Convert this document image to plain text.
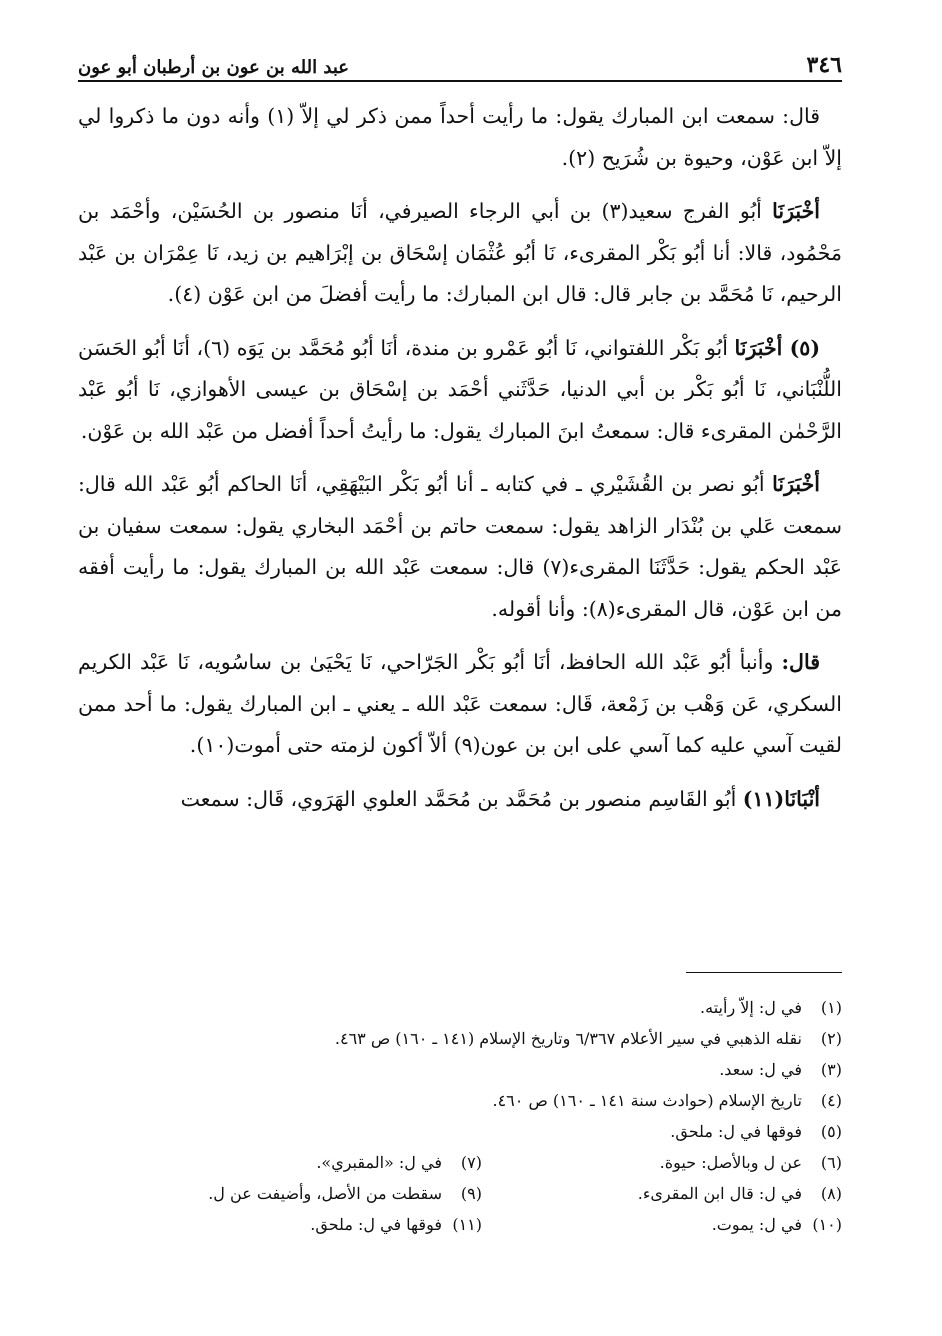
٣٤٦
عبد الله بن عون بن أرطبان أبو عون

قال: سمعت ابن المبارك يقول: ما رأيت أحداً ممن ذكر لي إلاّ (١) وأنه دون ما ذكروا لي إلاّ ابن عَوْن، وحيوة بن شُرَيح (٢).

أخْبَرَنَا أبُو الفرج سعيد(٣) بن أبي الرجاء الصيرفي، أنَا منصور بن الحُسَيْن، وأحْمَد بن مَحْمُود، قالا: أنا أبُو بَكْر المقرىء، نَا أبُو عُثْمَان إسْحَاق بن إبْرَاهيم بن زيد، نَا عِمْرَان بن عَبْد الرحيم، نَا مُحَمَّد بن جابر قال: قال ابن المبارك: ما رأيت أفضلَ من ابن عَوْن (٤).

(٥) أخْبَرَنَا أبُو بَكْر اللفتواني، نَا أبُو عَمْرو بن مندة، أنَا أبُو مُحَمَّد بن يَوَه (٦)، أنَا أبُو الحَسَن اللُّنْبَاني، نَا أبُو بَكْر بن أبي الدنيا، حَدَّثَني أحْمَد بن إسْحَاق بن عيسى الأهوازي، نَا أبُو عَبْد الرَّحْمٰن المقرىء قال: سمعتُ ابنَ المبارك يقول: ما رأيتُ أحداً أفضل من عَبْد الله بن عَوْن.

أخْبَرَنَا أبُو نصر بن القُشَيْري ـ في كتابه ـ أنا أبُو بَكْر البَيْهَقِي، أنَا الحاكم أبُو عَبْد الله قال: سمعت عَلي بن بُنْدَار الزاهد يقول: سمعت حاتم بن أحْمَد البخاري يقول: سمعت سفيان بن عَبْد الحكم يقول: حَدَّثَنَا المقرىء(٧) قال: سمعت عَبْد الله بن المبارك يقول: ما رأيت أفقه من ابن عَوْن، قال المقرىء(٨): وأنا أقوله.

قال: وأنبأ أبُو عَبْد الله الحافظ، أنَا أبُو بَكْر الجَرّاحي، نَا يَحْيَىٰ بن ساسُويه، نَا عَبْد الكريم السكري، عَن وَهْب بن زَمْعة، قَال: سمعت عَبْد الله ـ يعني ـ ابن المبارك يقول: ما أحد ممن لقيت آسي عليه كما آسي على ابن بن عون(٩) ألاّ أكون لزمته حتى أموت(١٠).

أنْبَانَا(١١) أبُو القَاسِم منصور بن مُحَمَّد بن مُحَمَّد العلوي الهَرَوي، قَال: سمعت

(١)في ل: إلاّ رأيته.
(٢)نقله الذهبي في سير الأعلام ٦/٣٦٧ وتاريخ الإسلام (١٤١ ـ ١٦٠) ص ٤٦٣.
(٣)في ل: سعد.
(٤)تاريخ الإسلام (حوادث سنة ١٤١ ـ ١٦٠) ص ٤٦٠.
(٥)فوقها في ل: ملحق.
(٦)عن ل وبالأصل: حيوة.
(٧)في ل: «المقبري».
(٨)في ل: قال ابن المقرىء.
(٩)سقطت من الأصل، وأضيفت عن ل.
(١٠)في ل: يموت.
(١١)فوقها في ل: ملحق.
